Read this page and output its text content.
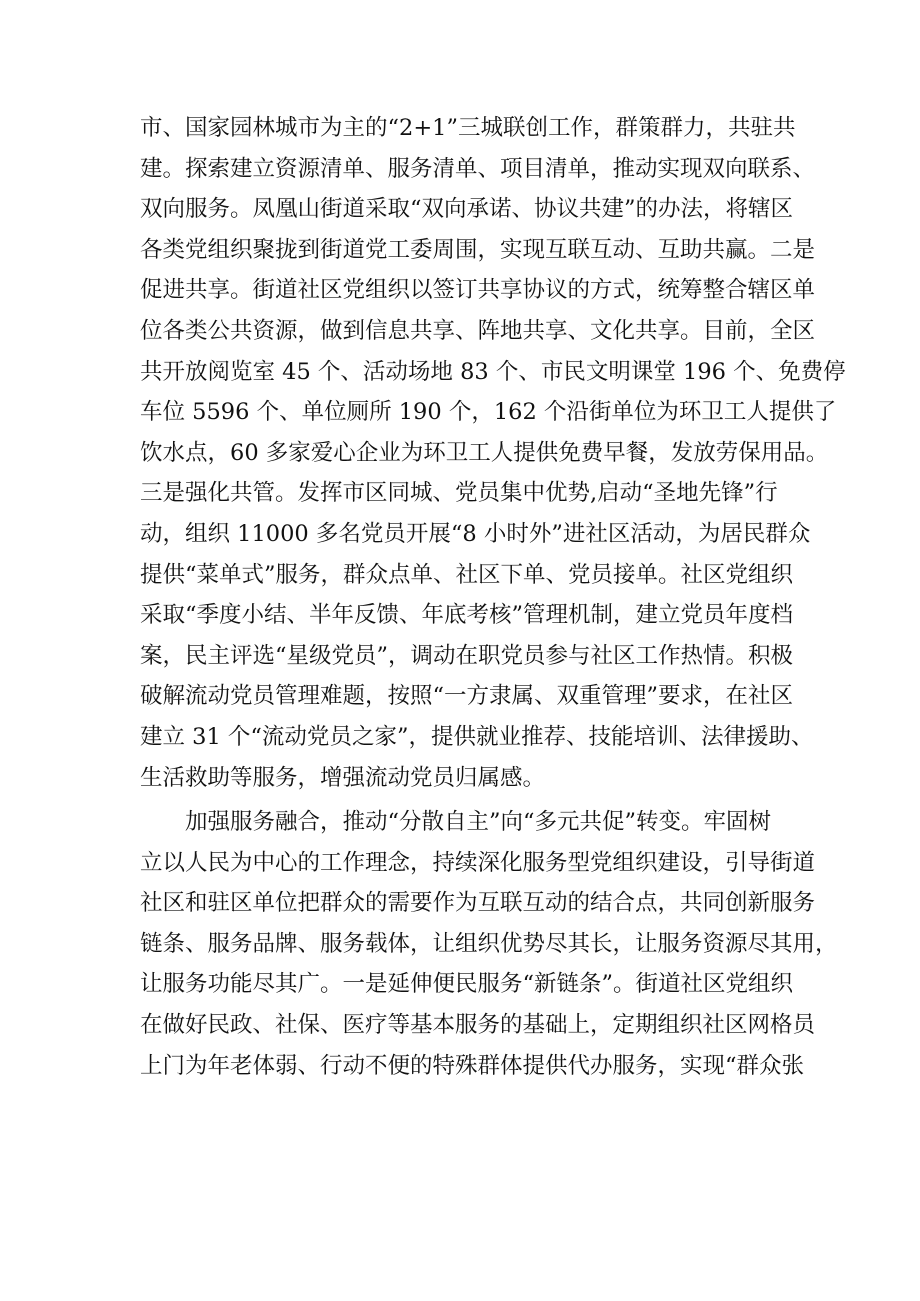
市、国家园林城市为主的“2+1”三城联创工作，群策群力，共驻共
建。探索建立资源清单、服务清单、项目清单，推动实现双向联系、
双向服务。凤凰山街道采取“双向承诺、协议共建”的办法，将辖区
各类党组织聚拢到街道党工委周围，实现互联互动、互助共赢。二是
促进共享。街道社区党组织以签订共享协议的方式，统筹整合辖区单
位各类公共资源，做到信息共享、阵地共享、文化共享。目前，全区
共开放阅览室 45 个、活动场地 83 个、市民文明课堂 196 个、免费停
车位 5596 个、单位厕所 190 个，162 个沿街单位为环卫工人提供了
饮水点，60 多家爱心企业为环卫工人提供免费早餐，发放劳保用品。
三是强化共管。发挥市区同城、党员集中优势,启动“圣地先锋”行
动，组织 11000 多名党员开展“8 小时外”进社区活动，为居民群众
提供“菜单式”服务，群众点单、社区下单、党员接单。社区党组织
采取“季度小结、半年反馈、年底考核”管理机制，建立党员年度档
案，民主评选“星级党员”，调动在职党员参与社区工作热情。积极
破解流动党员管理难题，按照“一方隶属、双重管理”要求，在社区
建立 31 个“流动党员之家”，提供就业推荐、技能培训、法律援助、
生活救助等服务，增强流动党员归属感。
加强服务融合，推动“分散自主”向“多元共促”转变。牢固树
立以人民为中心的工作理念，持续深化服务型党组织建设，引导街道
社区和驻区单位把群众的需要作为互联互动的结合点，共同创新服务
链条、服务品牌、服务载体，让组织优势尽其长，让服务资源尽其用，
让服务功能尽其广。一是延伸便民服务“新链条”。街道社区党组织
在做好民政、社保、医疗等基本服务的基础上，定期组织社区网格员
上门为年老体弱、行动不便的特殊群体提供代办服务，实现“群众张
